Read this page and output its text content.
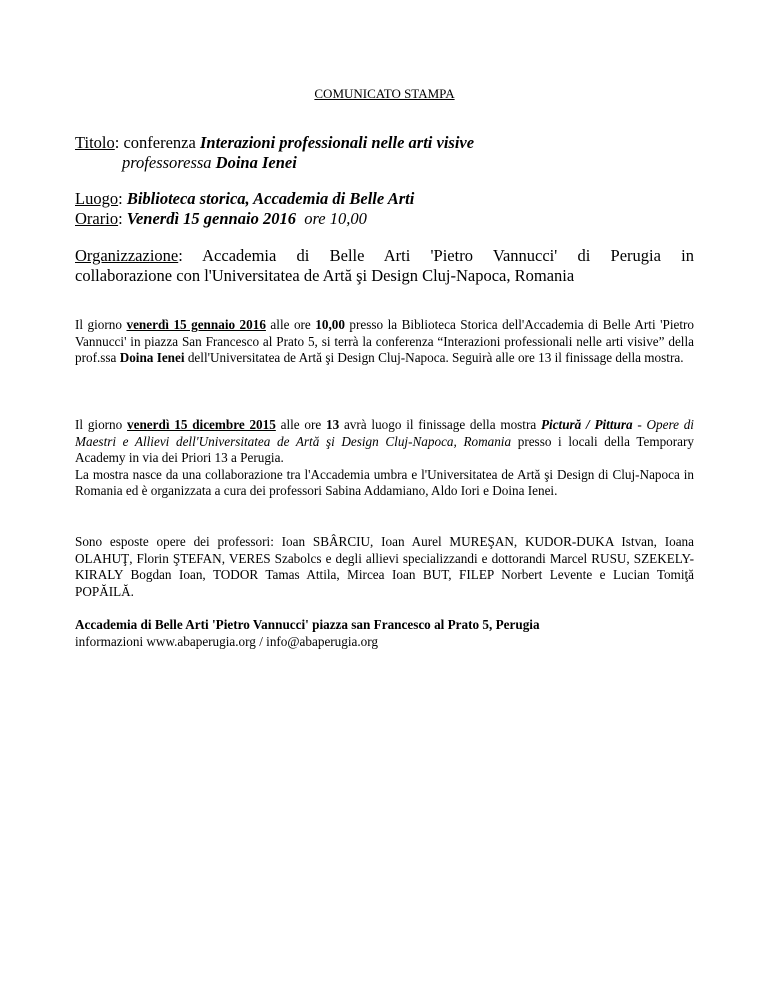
COMUNICATO STAMPA
Titolo: conferenza Interazioni professionali nelle arti visive
professoressa Doina Ienei
Luogo: Biblioteca storica, Accademia di Belle Arti
Orario: Venerdì 15 gennaio 2016 ore 10,00
Organizzazione: Accademia di Belle Arti 'Pietro Vannucci' di Perugia in
collaborazione con l'Universitatea de Artă şi Design Cluj-Napoca, Romania

Il giorno venerdì 15 gennaio 2016 alle ore 10,00 presso la Biblioteca Storica dell'Accademia di Belle Arti 'Pietro Vannucci' in piazza San Francesco al Prato 5, si terrà la conferenza “Interazioni professionali nelle arti visive” della prof.ssa Doina Ienei dell'Universitatea de Artă şi Design Cluj-Napoca. Seguirà alle ore 13 il finissage della mostra.

Il giorno venerdì 15 dicembre 2015 alle ore 13 avrà luogo il finissage della mostra Pictură / Pittura - Opere di Maestri e Allievi dell'Universitatea de Artă şi Design Cluj-Napoca, Romania presso i locali della Temporary Academy in via dei Priori 13 a Perugia.

La mostra nasce da una collaborazione tra l'Accademia umbra e l'Universitatea de Artă şi Design di Cluj-Napoca in Romania ed è organizzata a cura dei professori Sabina Addamiano, Aldo Iori e Doina Ienei.

Sono esposte opere dei professori: Ioan SBÂRCIU, Ioan Aurel MUREŞAN, KUDOR-DUKA Istvan, Ioana OLAHUŢ, Florin ŞTEFAN, VERES Szabolcs e degli allievi specializzandi e dottorandi Marcel RUSU, SZEKELY- KIRALY Bogdan Ioan, TODOR Tamas Attila, Mircea Ioan BUT, FILEP Norbert Levente e Lucian Tomiţă POPĂILĂ.

Accademia di Belle Arti 'Pietro Vannucci' piazza san Francesco al Prato 5, Perugia
informazioni www.abaperugia.org / info@abaperugia.org
